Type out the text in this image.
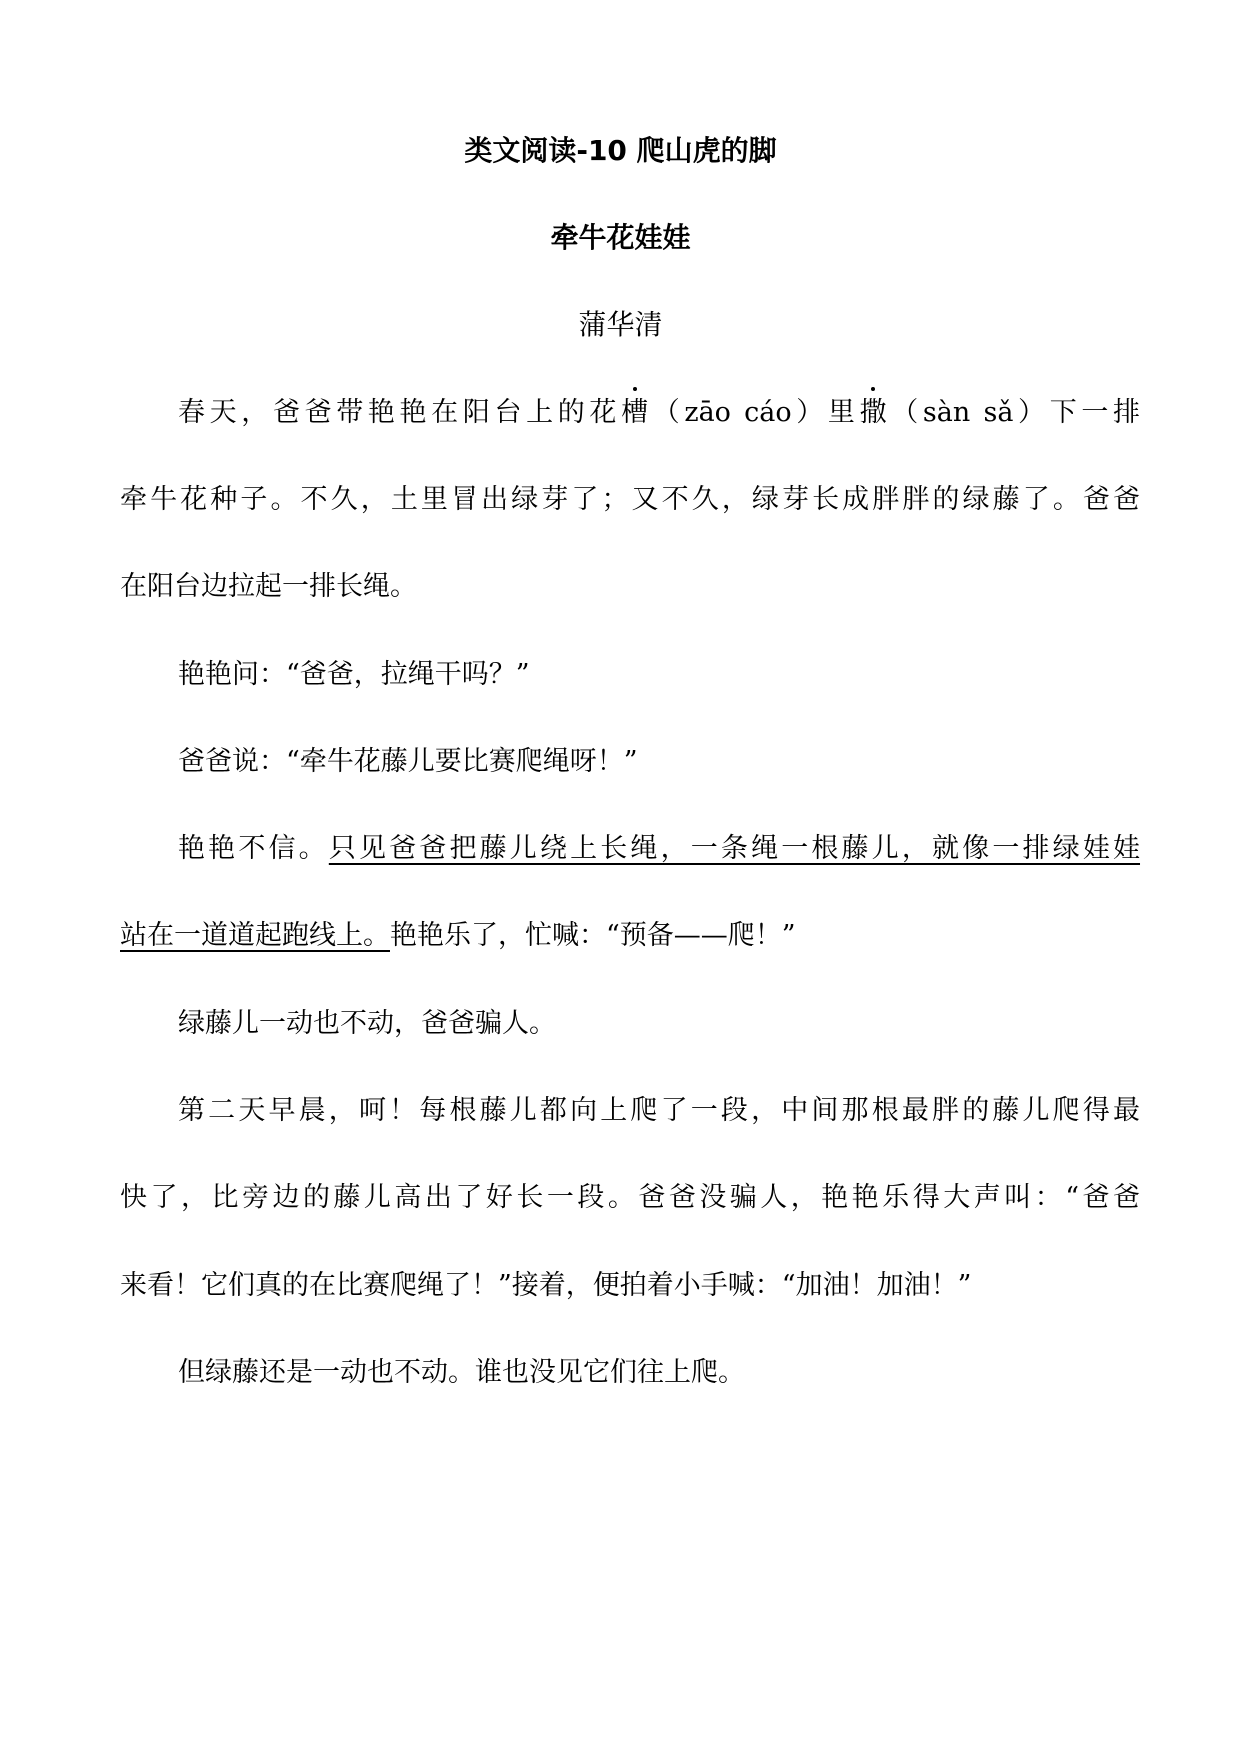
类文阅读-10 爬山虎的脚
牵牛花娃娃
蒲华清
春天，爸爸带艳艳在阳台上的花槽（zāo cáo）里撒（sàn sǎ）下一排
牵牛花种子。不久，土里冒出绿芽了；又不久，绿芽长成胖胖的绿藤了。爸爸
在阳台边拉起一排长绳。
艳艳问：“爸爸，拉绳干吗？”
爸爸说：“牵牛花藤儿要比赛爬绳呀！”
艳艳不信。只见爸爸把藤儿绕上长绳，一条绳一根藤儿，就像一排绿娃娃
站在一道道起跑线上。艳艳乐了，忙喊：“预备——爬！”
绿藤儿一动也不动，爸爸骗人。
第二天早晨，呵！每根藤儿都向上爬了一段，中间那根最胖的藤儿爬得最
快了，比旁边的藤儿高出了好长一段。爸爸没骗人，艳艳乐得大声叫：“爸爸
来看！它们真的在比赛爬绳了！”接着，便拍着小手喊：“加油！加油！”
但绿藤还是一动也不动。谁也没见它们往上爬。
